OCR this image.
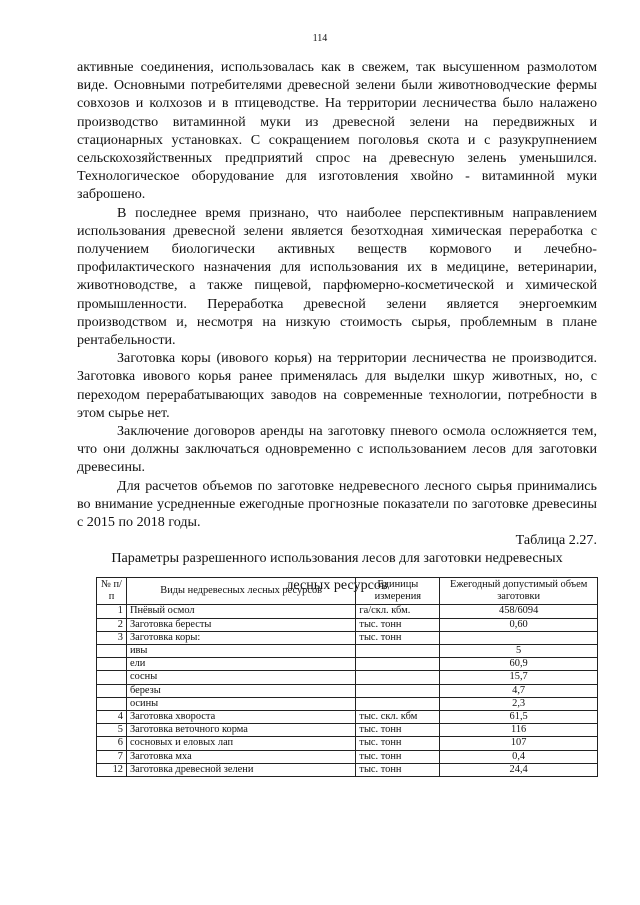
114

активные соединения, использовалась как в свежем, так высушенном размолотом виде. Основными потребителями древесной зелени были животноводческие фермы совхозов и колхозов и в птицеводстве. На территории лесничества было налажено производство витаминной муки из древесной зелени на передвижных и стационарных установках. С сокращением поголовья скота и с разукрупнением сельскохозяйственных предприятий спрос на древесную зелень уменьшился. Технологическое оборудование для изготовления хвойно - витаминной муки заброшено.

В последнее время признано, что наиболее перспективным направлением использования древесной зелени является безотходная химическая переработка с получением биологически активных веществ кормового и лечебно-профилактического назначения для использования их в медицине, ветеринарии, животноводстве, а также пищевой, парфюмерно-косметической и химической промышленности. Переработка древесной зелени является энергоемким производством и, несмотря на низкую стоимость сырья, проблемным в плане рентабельности.

Заготовка коры (ивового корья) на территории лесничества не производится. Заготовка ивового корья ранее применялась для выделки шкур животных, но, с переходом перерабатывающих заводов на современные технологии, потребности в этом сырье нет.

Заключение договоров аренды на заготовку пневого осмола осложняется тем, что они должны заключаться одновременно с использованием лесов для заготовки древесины.

Для расчетов объемов по заготовке недревесного лесного сырья принимались во внимание усредненные ежегодные прогнозные показатели по заготовке древесины с 2015 по 2018 годы.

Таблица 2.27.
Параметры разрешенного использования лесов для заготовки недревесных
лесных ресурсов
№ п/п	Виды недревесных лесных ресурсов	Единицы измерения	Ежегодный допустимый объем заготовки
1	Пнёвый осмол	га/скл. кбм.	458/6094
2	Заготовка бересты	тыс. тонн	0,60
3	Заготовка коры:	тыс. тонн	
	ивы		5
	ели		60,9
	сосны		15,7
	березы		4,7
	осины		2,3
4	Заготовка хвороста	тыс. скл. кбм	61,5
5	Заготовка веточного корма	тыс. тонн	116
6	сосновых и еловых лап	тыс. тонн	107
7	Заготовка мха	тыс. тонн	0,4
12	Заготовка древесной зелени	тыс. тонн	24,4
